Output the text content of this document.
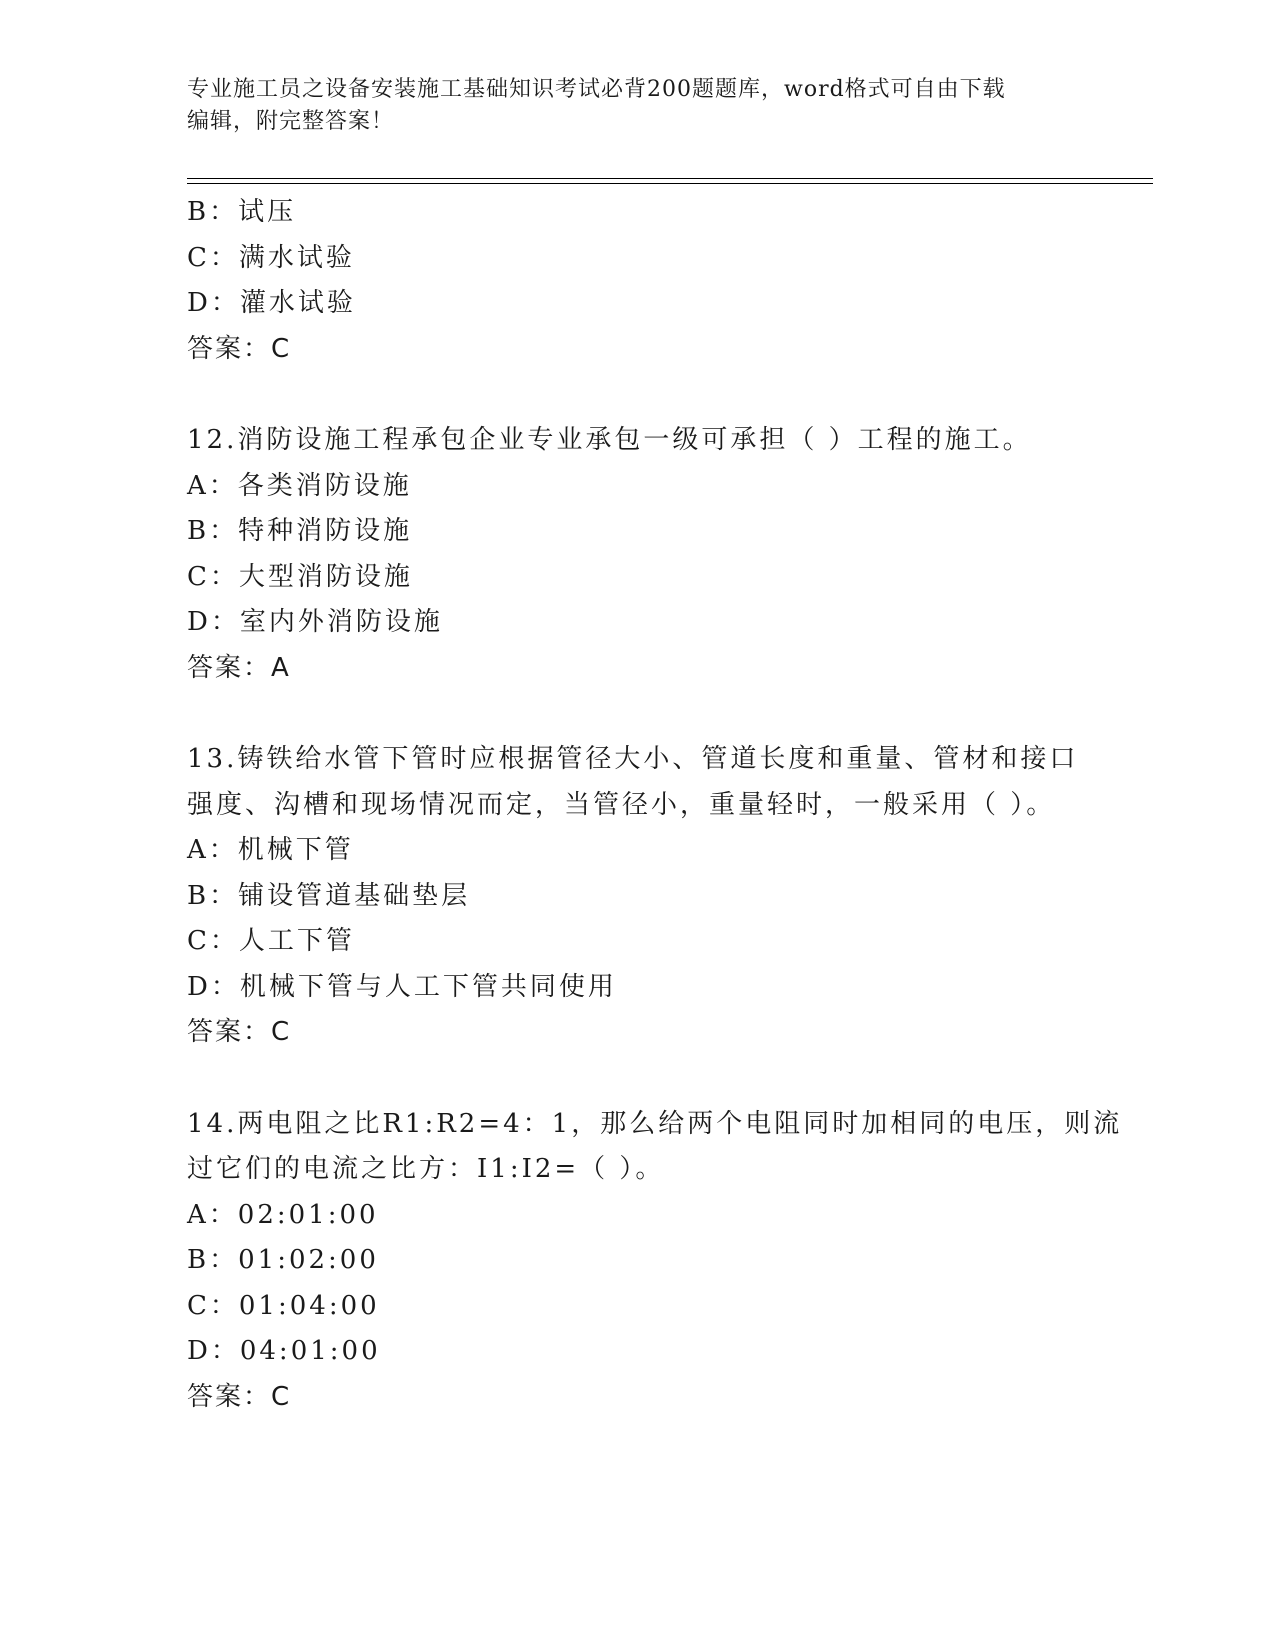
专业施工员之设备安装施工基础知识考试必背200题题库，word格式可自由下载
编辑，附完整答案！
B：试压
C：满水试验
D：灌水试验
答案：C
12.消防设施工程承包企业专业承包一级可承担（ ）工程的施工。
A：各类消防设施
B：特种消防设施
C：大型消防设施
D：室内外消防设施
答案：A
13.铸铁给水管下管时应根据管径大小、管道长度和重量、管材和接口
强度、沟槽和现场情况而定，当管径小，重量轻时，一般采用（ ）。
A：机械下管
B：铺设管道基础垫层
C：人工下管
D：机械下管与人工下管共同使用
答案：C
14.两电阻之比R1:R2=4：1，那么给两个电阻同时加相同的电压，则流
过它们的电流之比方：I1:I2=（ ）。
A：02:01:00
B：01:02:00
C：01:04:00
D：04:01:00
答案：C
